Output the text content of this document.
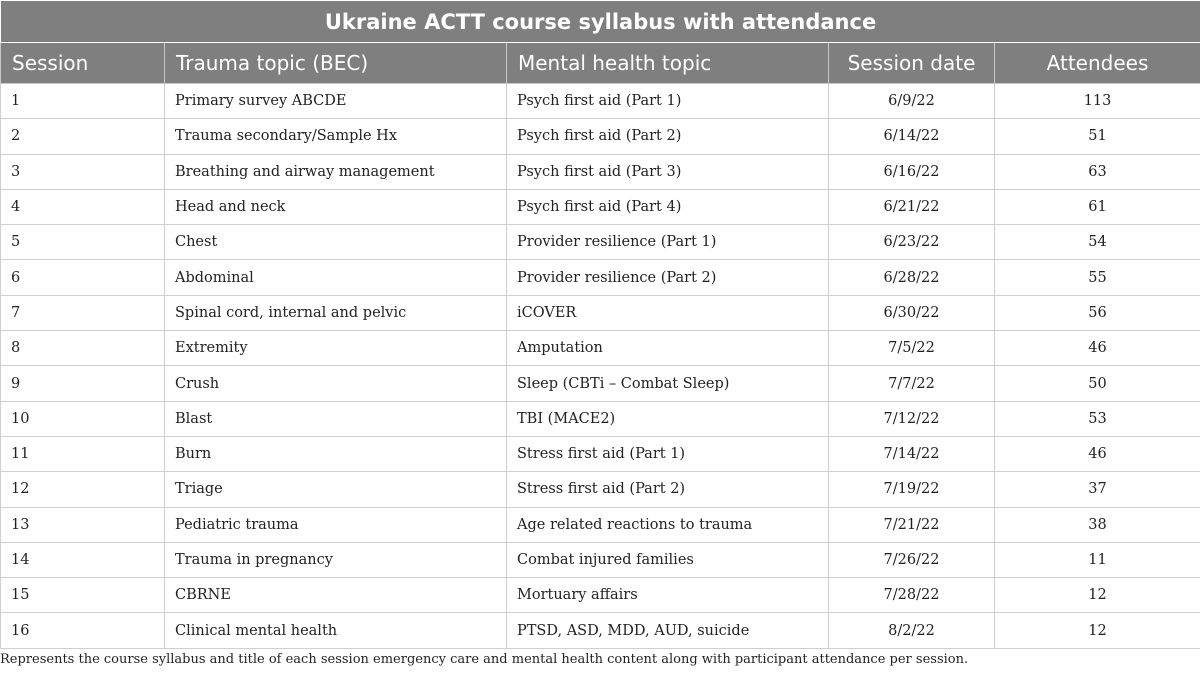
Ukraine ACTT course syllabus with attendance				
Session	Trauma topic (BEC)	Mental health topic	Session date	Attendees
1	Primary survey ABCDE	Psych first aid (Part 1)	6/9/22	113
2	Trauma secondary/Sample Hx	Psych first aid (Part 2)	6/14/22	51
3	Breathing and airway management	Psych first aid (Part 3)	6/16/22	63
4	Head and neck	Psych first aid (Part 4)	6/21/22	61
5	Chest	Provider resilience (Part 1)	6/23/22	54
6	Abdominal	Provider resilience (Part 2)	6/28/22	55
7	Spinal cord, internal and pelvic	iCOVER	6/30/22	56
8	Extremity	Amputation	7/5/22	46
9	Crush	Sleep (CBTi – Combat Sleep)	7/7/22	50
10	Blast	TBI (MACE2)	7/12/22	53
11	Burn	Stress first aid (Part 1)	7/14/22	46
12	Triage	Stress first aid (Part 2)	7/19/22	37
13	Pediatric trauma	Age related reactions to trauma	7/21/22	38
14	Trauma in pregnancy	Combat injured families	7/26/22	11
15	CBRNE	Mortuary affairs	7/28/22	12
16	Clinical mental health	PTSD, ASD, MDD, AUD, suicide	8/2/22	12
Represents the course syllabus and title of each session emergency care and mental health content along with participant attendance per session.
